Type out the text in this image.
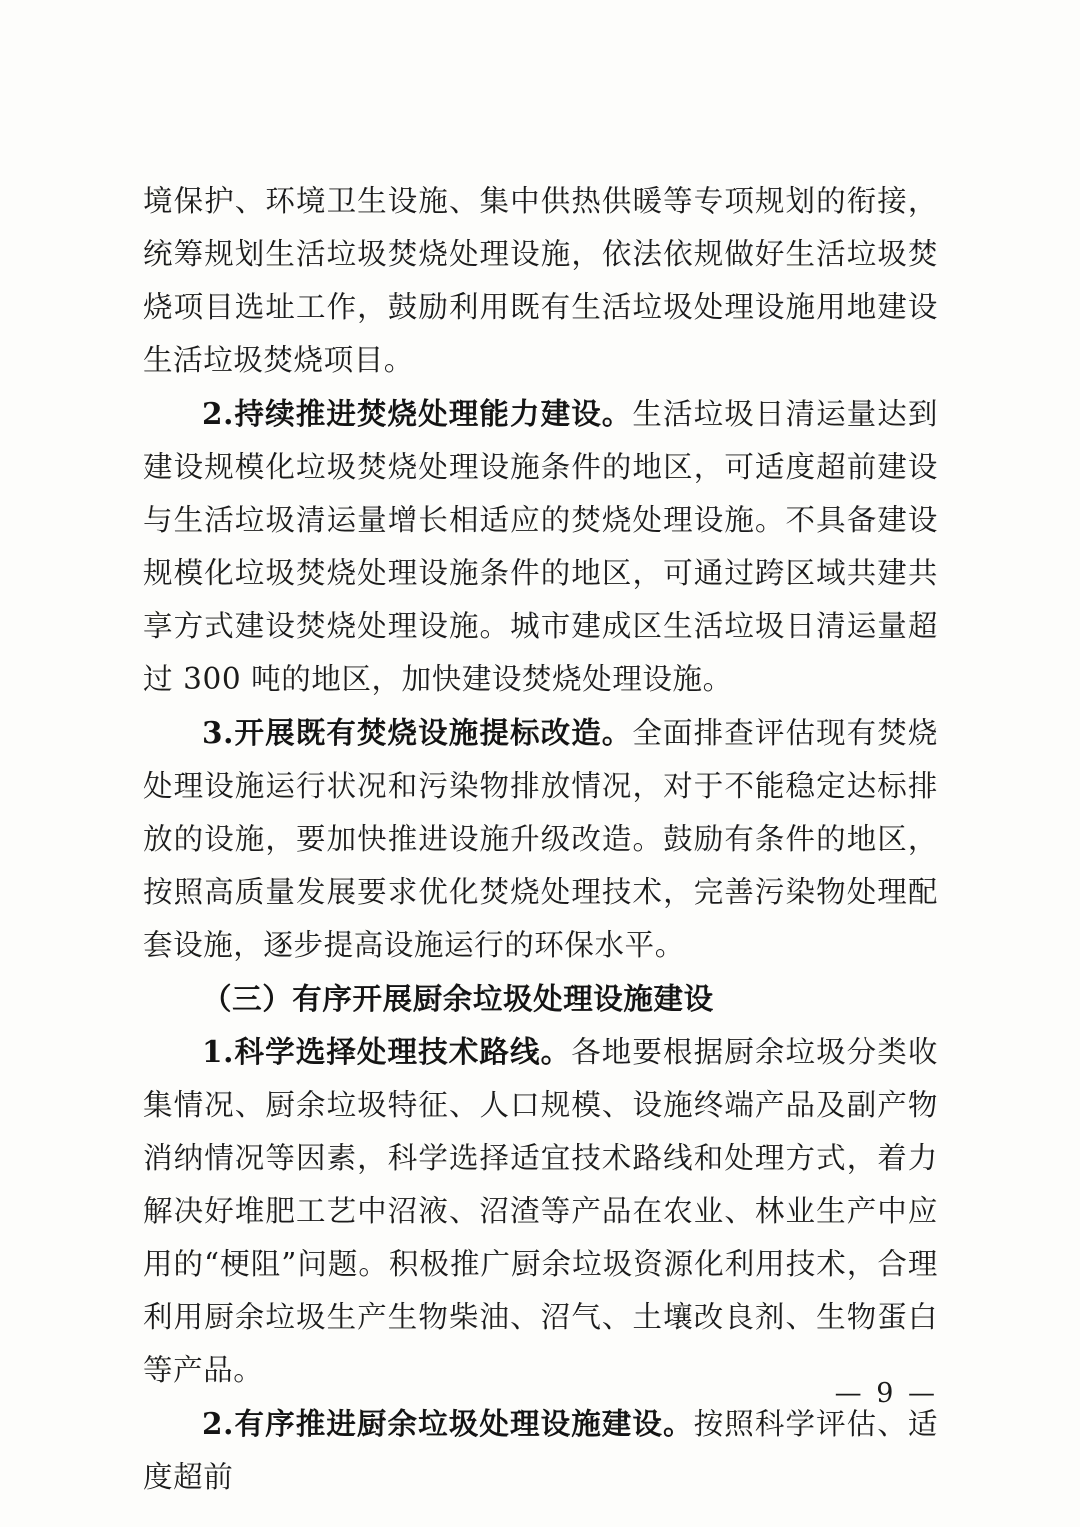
境保护、环境卫生设施、集中供热供暖等专项规划的衔接，统筹规划生活垃圾焚烧处理设施，依法依规做好生活垃圾焚烧项目选址工作，鼓励利用既有生活垃圾处理设施用地建设生活垃圾焚烧项目。

2.持续推进焚烧处理能力建设。生活垃圾日清运量达到建设规模化垃圾焚烧处理设施条件的地区，可适度超前建设与生活垃圾清运量增长相适应的焚烧处理设施。不具备建设规模化垃圾焚烧处理设施条件的地区，可通过跨区域共建共享方式建设焚烧处理设施。城市建成区生活垃圾日清运量超过 300 吨的地区，加快建设焚烧处理设施。

3.开展既有焚烧设施提标改造。全面排查评估现有焚烧处理设施运行状况和污染物排放情况，对于不能稳定达标排放的设施，要加快推进设施升级改造。鼓励有条件的地区，按照高质量发展要求优化焚烧处理技术，完善污染物处理配套设施，逐步提高设施运行的环保水平。

（三）有序开展厨余垃圾处理设施建设

1.科学选择处理技术路线。各地要根据厨余垃圾分类收集情况、厨余垃圾特征、人口规模、设施终端产品及副产物消纳情况等因素，科学选择适宜技术路线和处理方式，着力解决好堆肥工艺中沼液、沼渣等产品在农业、林业生产中应用的“梗阻”问题。积极推广厨余垃圾资源化利用技术，合理利用厨余垃圾生产生物柴油、沼气、土壤改良剂、生物蛋白等产品。

2.有序推进厨余垃圾处理设施建设。按照科学评估、适度超前

— 9 —
